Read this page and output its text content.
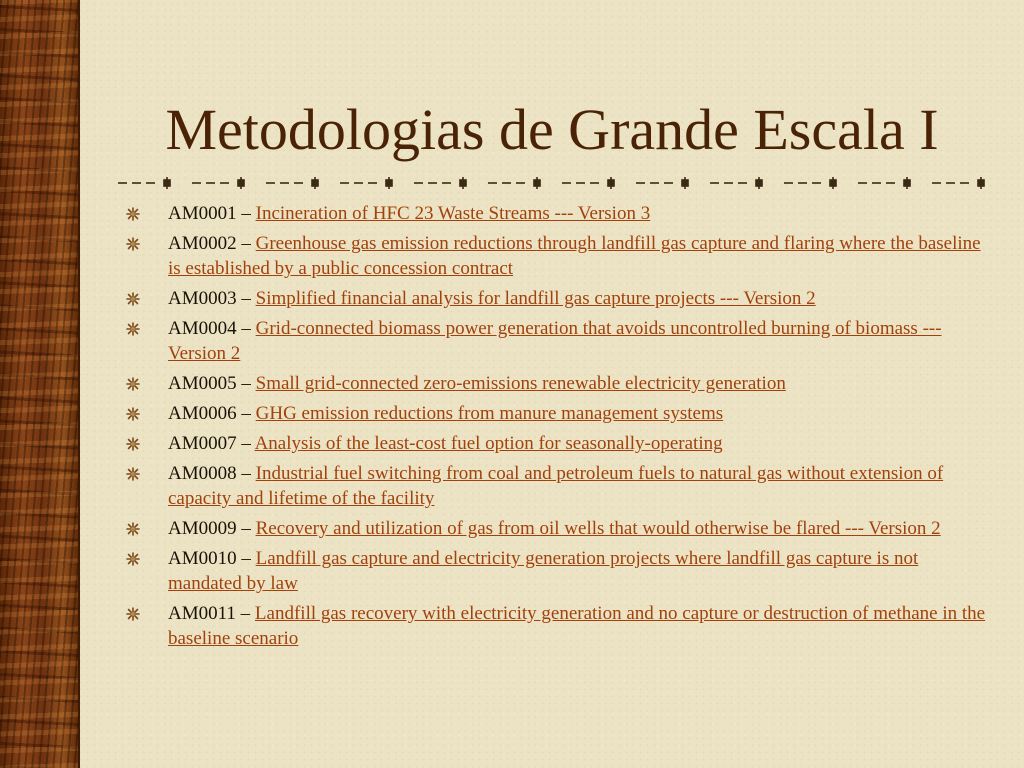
Metodologias de Grande Escala I
AM0001 – Incineration of HFC 23 Waste Streams --- Version 3
AM0002 – Greenhouse gas emission reductions through landfill gas capture and flaring where the baseline is established by a public concession contract
AM0003 – Simplified financial analysis for landfill gas capture projects --- Version 2
AM0004 – Grid-connected biomass power generation that avoids uncontrolled burning of biomass --- Version 2
AM0005 – Small grid-connected zero-emissions renewable electricity generation
AM0006 – GHG emission reductions from manure management systems
AM0007 – Analysis of the least-cost fuel option for seasonally-operating
AM0008 – Industrial fuel switching from coal and petroleum fuels to natural gas without extension of capacity and lifetime of the facility
AM0009 – Recovery and utilization of gas from oil wells that would otherwise be flared --- Version 2
AM0010 – Landfill gas capture and electricity generation projects where landfill gas capture is not mandated by law
AM0011 – Landfill gas recovery with electricity generation and no capture or destruction of methane in the baseline scenario
